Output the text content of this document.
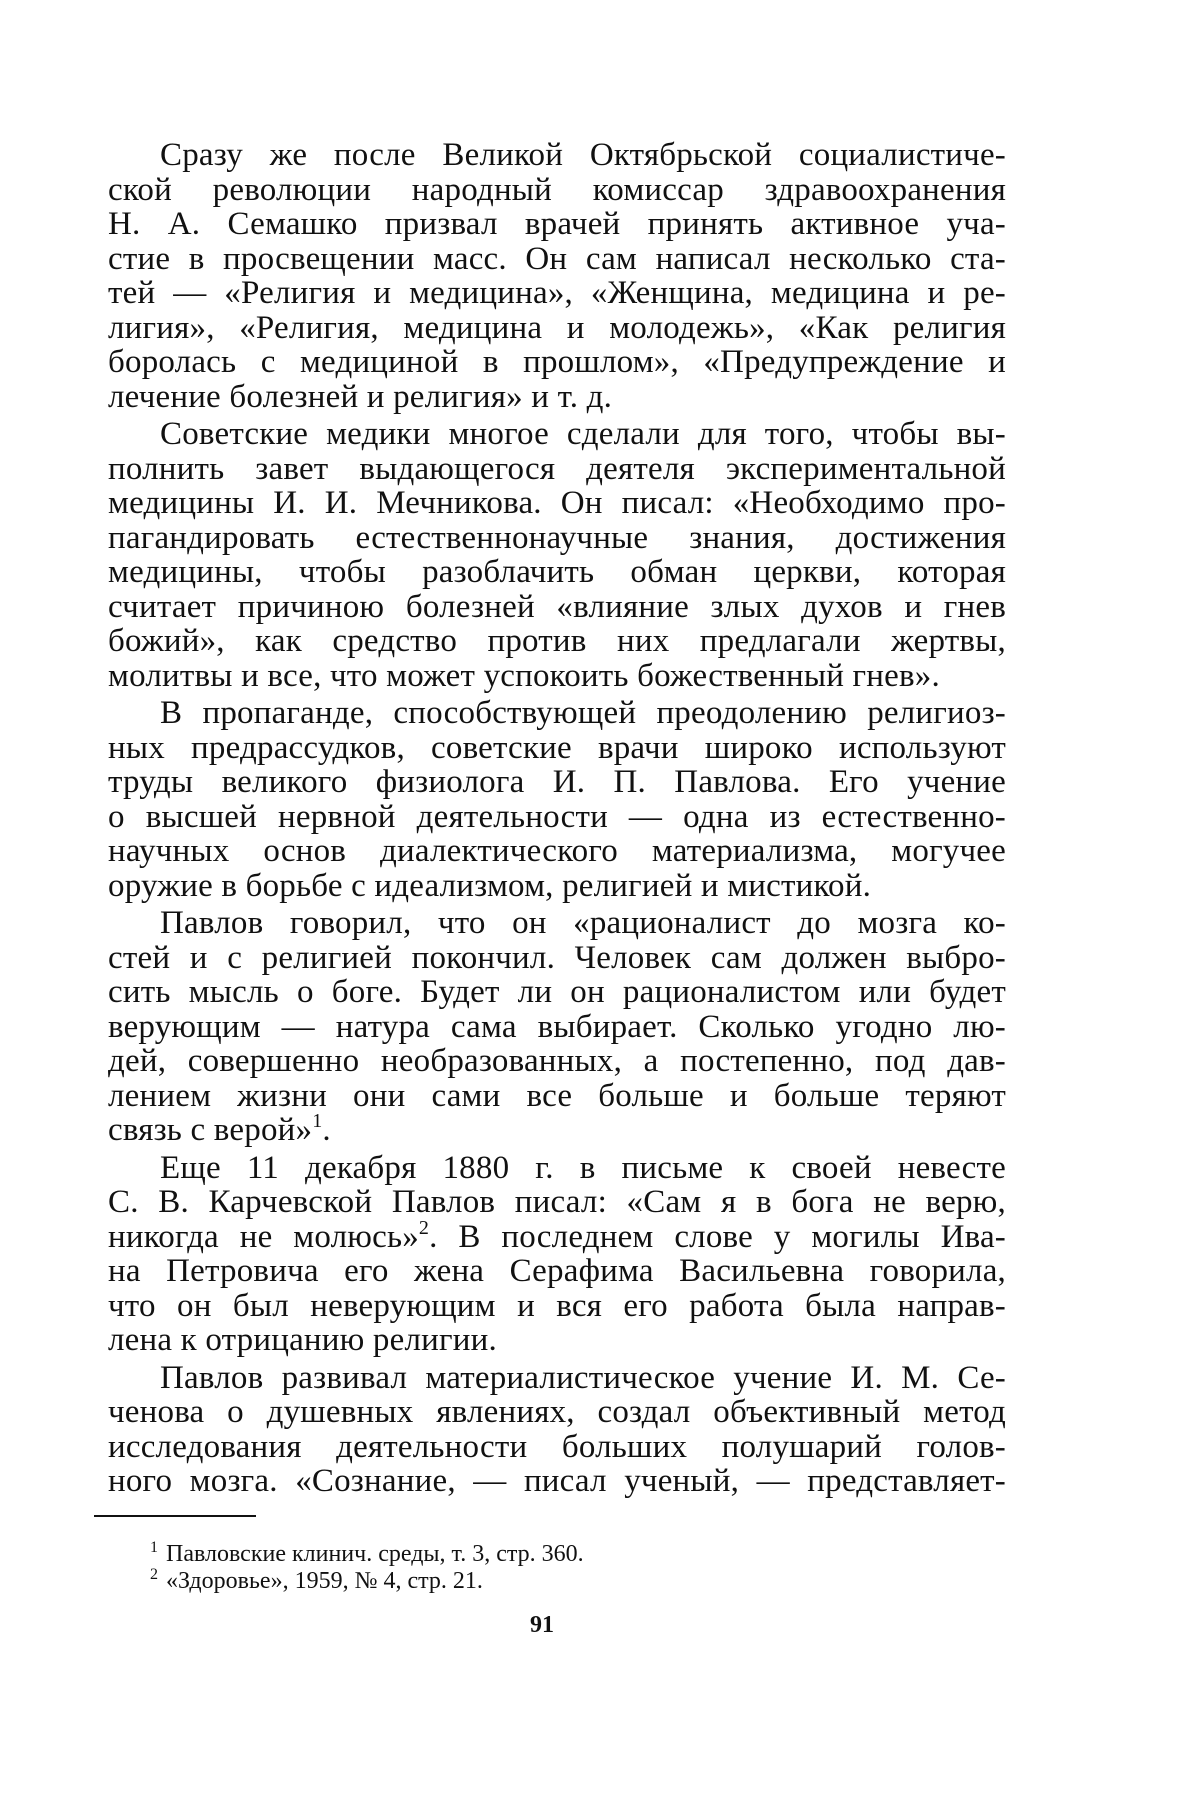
Сразу же после Великой Октябрьской социалистиче-
ской революции народный комиссар здравоохранения
Н. А. Семашко призвал врачей принять активное уча-
стие в просвещении масс. Он сам написал несколько ста-
тей — «Религия и медицина», «Женщина, медицина и ре-
лигия», «Религия, медицина и молодежь», «Как религия
боролась с медициной в прошлом», «Предупреждение и
лечение болезней и религия» и т. д.
Советские медики многое сделали для того, чтобы вы-
полнить завет выдающегося деятеля экспериментальной
медицины И. И. Мечникова. Он писал: «Необходимо про-
пагандировать естественнонаучные знания, достижения
медицины, чтобы разоблачить обман церкви, которая
считает причиною болезней «влияние злых духов и гнев
божий», как средство против них предлагали жертвы,
молитвы и все, что может успокоить божественный гнев».
В пропаганде, способствующей преодолению религиоз-
ных предрассудков, советские врачи широко используют
труды великого физиолога И. П. Павлова. Его учение
о высшей нервной деятельности — одна из естественно-
научных основ диалектического материализма, могучее
оружие в борьбе с идеализмом, религией и мистикой.
Павлов говорил, что он «рационалист до мозга ко-
стей и с религией покончил. Человек сам должен выбро-
сить мысль о боге. Будет ли он рационалистом или будет
верующим — натура сама выбирает. Сколько угодно лю-
дей, совершенно необразованных, а постепенно, под дав-
лением жизни они сами все больше и больше теряют
связь с верой»$^1$.
Еще 11 декабря 1880 г. в письме к своей невесте
С. В. Карчевской Павлов писал: «Сам я в бога не верю,
никогда не молюсь»$^2$. В последнем слове у могилы Ива-
на Петровича его жена Серафима Васильевна говорила,
что он был неверующим и вся его работа была направ-
лена к отрицанию религии.
Павлов развивал материалистическое учение И. М. Се-
ченова о душевных явлениях, создал объективный метод
исследования деятельности больших полушарий голов-
ного мозга. «Сознание, — писал ученый, — представляет-
$^1$ Павловские клинич. среды, т. 3, стр. 360.
$^2$ «Здоровье», 1959, № 4, стр. 21.
91
